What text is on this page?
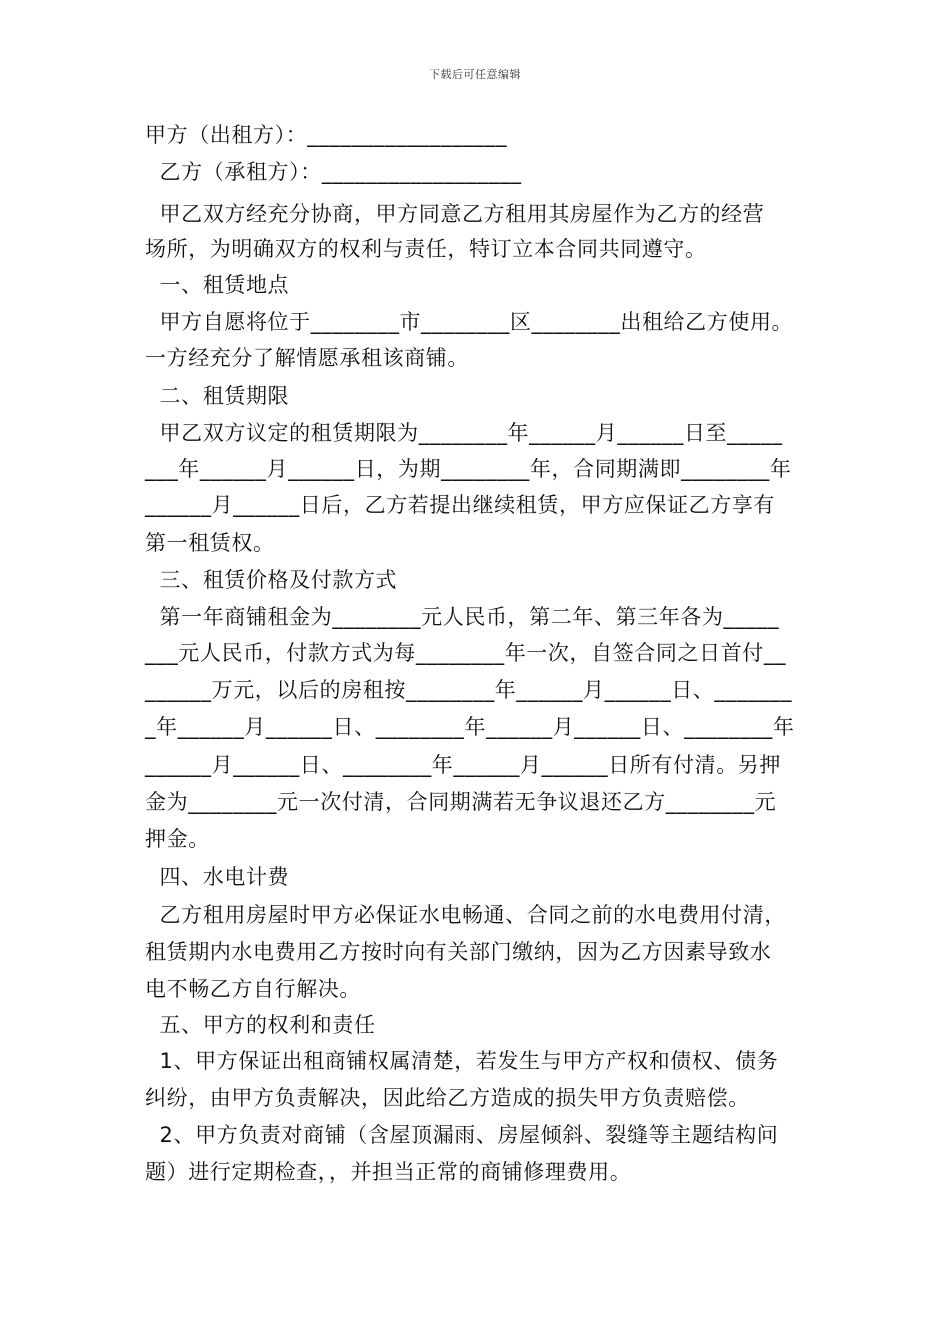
下载后可任意编辑
甲方（出租方）：__________________
乙方（承租方）：__________________
甲乙双方经充分协商，甲方同意乙方租用其房屋作为乙方的经营
场所，为明确双方的权利与责任，特订立本合同共同遵守。
一、租赁地点
甲方自愿将位于________市________区________出租给乙方使用。
一方经充分了解情愿承租该商铺。
二、租赁期限
甲乙双方议定的租赁期限为________年______月______日至_____
___年______月______日，为期________年，合同期满即________年
______月______日后，乙方若提出继续租赁，甲方应保证乙方享有
第一租赁权。
三、租赁价格及付款方式
第一年商铺租金为________元人民币，第二年、第三年各为_____
___元人民币，付款方式为每________年一次，自签合同之日首付__
______万元，以后的房租按________年______月______日、_______
_年______月______日、________年______月______日、________年
______月______日、________年______月______日所有付清。另押
金为________元一次付清，合同期满若无争议退还乙方________元
押金。
四、水电计费
乙方租用房屋时甲方必保证水电畅通、合同之前的水电费用付清，
租赁期内水电费用乙方按时向有关部门缴纳，因为乙方因素导致水
电不畅乙方自行解决。
五、甲方的权利和责任
1、甲方保证出租商铺权属清楚，若发生与甲方产权和债权、债务
纠纷，由甲方负责解决，因此给乙方造成的损失甲方负责赔偿。
2、甲方负责对商铺（含屋顶漏雨、房屋倾斜、裂缝等主题结构问
题）进行定期检查，，并担当正常的商铺修理费用。
